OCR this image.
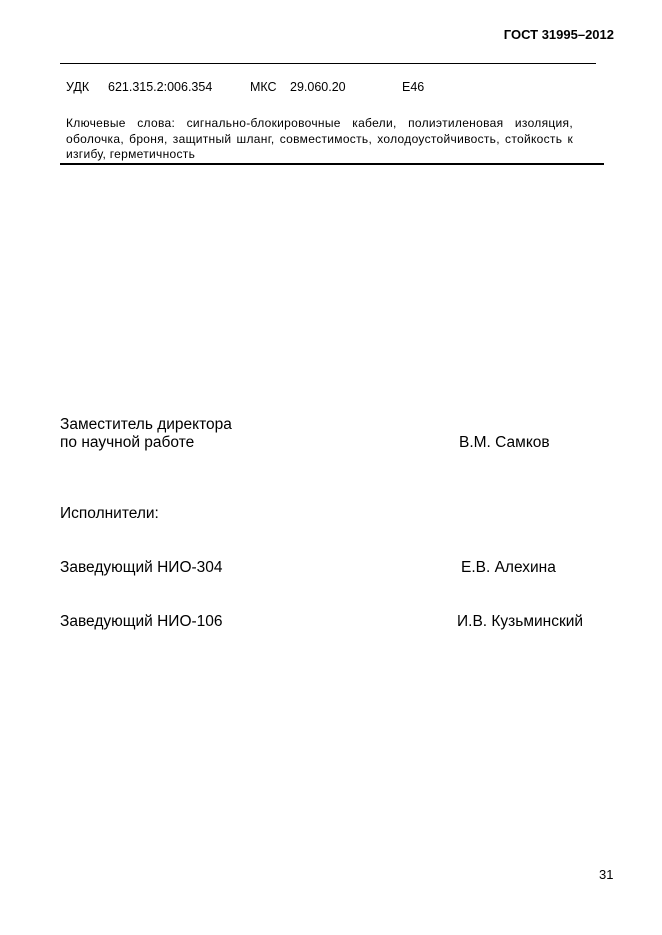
ГОСТ 31995–2012
УДК 621.315.2:006.354	МКС 29.060.20	Е46
Ключевые слова: сигнально-блокировочные кабели, полиэтиленовая изоляция, оболочка, броня, защитный шланг, совместимость, холодоустойчивость, стойкость к изгибу, герметичность
Заместитель директора
по научной работе	В.М. Самков
Исполнители:
Заведующий НИО-304	Е.В. Алехина
Заведующий НИО-106	И.В. Кузьминский
31
